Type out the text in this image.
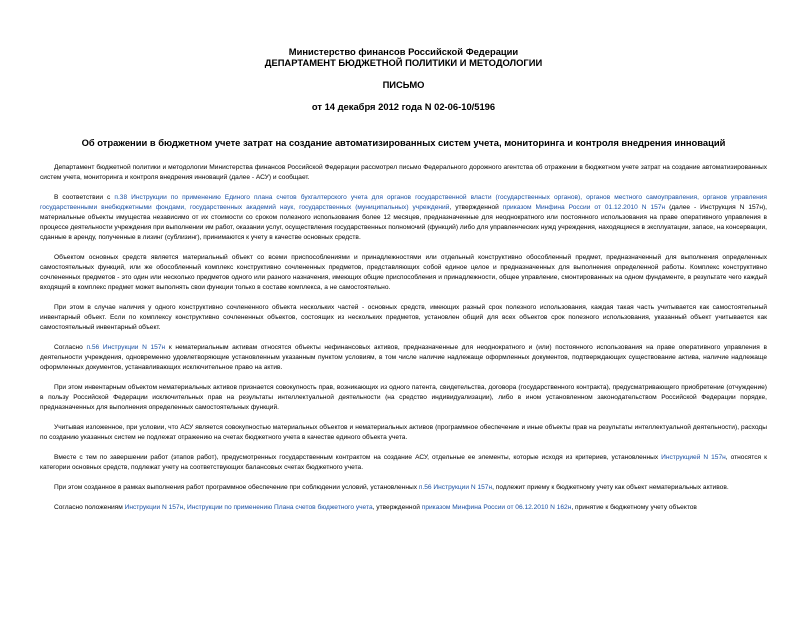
Министерство финансов Российской Федерации
ДЕПАРТАМЕНТ БЮДЖЕТНОЙ ПОЛИТИКИ И МЕТОДОЛОГИИ
ПИСЬМО
от 14 декабря 2012 года N 02-06-10/5196
Об отражении в бюджетном учете затрат на создание автоматизированных систем учета, мониторинга и контроля внедрения инноваций

Департамент бюджетной политики и методологии Министерства финансов Российской Федерации рассмотрел письмо Федерального дорожного агентства об отражении в бюджетном учете затрат на создание автоматизированных систем учета, мониторинга и контроля внедрения инноваций (далее - АСУ) и сообщает.

В соответствии с п.38 Инструкции по применению Единого плана счетов бухгалтерского учета для органов государственной власти (государственных органов), органов местного самоуправления, органов управления государственными внебюджетными фондами, государственных академий наук, государственных (муниципальных) учреждений, утвержденной приказом Минфина России от 01.12.2010 N 157н (далее - Инструкция N 157н), материальные объекты имущества независимо от их стоимости со сроком полезного использования более 12 месяцев, предназначенные для неоднократного или постоянного использования на праве оперативного управления в процессе деятельности учреждения при выполнении им работ, оказании услуг, осуществления государственных полномочий (функций) либо для управленческих нужд учреждения, находящиеся в эксплуатации, запасе, на консервации, сданные в аренду, полученные в лизинг (сублизинг), принимаются к учету в качестве основных средств.

Объектом основных средств является материальный объект со всеми приспособлениями и принадлежностями или отдельный конструктивно обособленный предмет, предназначенный для выполнения определенных самостоятельных функций, или же обособленный комплекс конструктивно сочлененных предметов, представляющих собой единое целое и предназначенных для выполнения определенной работы. Комплекс конструктивно сочлененных предметов - это один или несколько предметов одного или разного назначения, имеющих общие приспособления и принадлежности, общее управление, смонтированных на одном фундаменте, в результате чего каждый входящий в комплекс предмет может выполнять свои функции только в составе комплекса, а не самостоятельно.

При этом в случае наличия у одного конструктивно сочлененного объекта нескольких частей - основных средств, имеющих разный срок полезного использования, каждая такая часть учитывается как самостоятельный инвентарный объект. Если по комплексу конструктивно сочлененных объектов, состоящих из нескольких предметов, установлен общий для всех объектов срок полезного использования, указанный объект учитывается как самостоятельный инвентарный объект.

Согласно п.56 Инструкции N 157н к нематериальным активам относятся объекты нефинансовых активов, предназначенные для неоднократного и (или) постоянного использования на праве оперативного управления в деятельности учреждения, одновременно удовлетворяющие установленным указанным пунктом условиям, в том числе наличие надлежаще оформленных документов, подтверждающих существование актива, наличие надлежаще оформленных документов, устанавливающих исключительное право на актив.

При этом инвентарным объектом нематериальных активов признается совокупность прав, возникающих из одного патента, свидетельства, договора (государственного контракта), предусматривающего приобретение (отчуждение) в пользу Российской Федерации исключительных прав на результаты интеллектуальной деятельности (на средство индивидуализации), либо в ином установленном законодательством Российской Федерации порядке, предназначенных для выполнения определенных самостоятельных функций.

Учитывая изложенное, при условии, что АСУ является совокупностью материальных объектов и нематериальных активов (программное обеспечение и иные объекты прав на результаты интеллектуальной деятельности), расходы по созданию указанных систем не подлежат отражению на счетах бюджетного учета в качестве единого объекта учета.

Вместе с тем по завершении работ (этапов работ), предусмотренных государственным контрактом на создание АСУ, отдельные ее элементы, которые исходя из критериев, установленных Инструкцией N 157н, относятся к категории основных средств, подлежат учету на соответствующих балансовых счетах бюджетного учета.

При этом созданное в рамках выполнения работ программное обеспечение при соблюдении условий, установленных п.56 Инструкции N 157н, подлежит приему к бюджетному учету как объект нематериальных активов.

Согласно положениям Инструкции N 157н, Инструкции по применению Плана счетов бюджетного учета, утвержденной приказом Минфина России от 06.12.2010 N 162н, принятие к бюджетному учету объектов
